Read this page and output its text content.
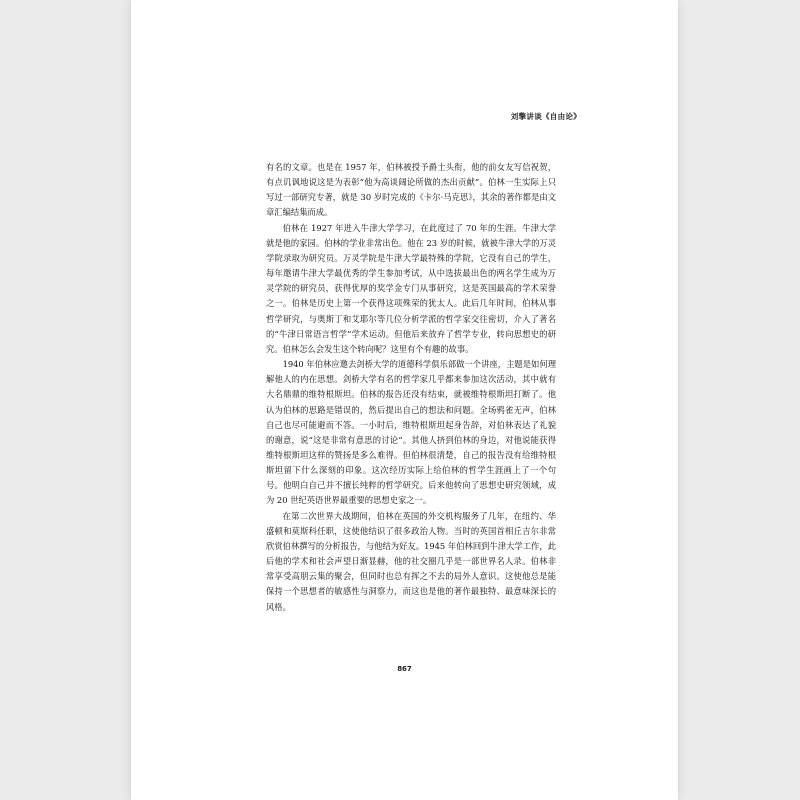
刘擎讲谈《自由论》

有名的文章。也是在 1957 年，伯林被授予爵士头衔，他的前女友写信祝贺，有点讥讽地说这是为表彰“他为高谈阔论所做的杰出贡献”。伯林一生实际上只写过一部研究专著，就是 30 岁时完成的《卡尔·马克思》，其余的著作都是由文章汇编结集而成。

伯林在 1927 年进入牛津大学学习，在此度过了 70 年的生涯。牛津大学就是他的家园。伯林的学业非常出色。他在 23 岁的时候，就被牛津大学的万灵学院录取为研究员。万灵学院是牛津大学最特殊的学院，它没有自己的学生，每年邀请牛津大学最优秀的学生参加考试，从中选拔最出色的两名学生成为万灵学院的研究员，获得优厚的奖学金专门从事研究，这是英国最高的学术荣誉之一。伯林是历史上第一个获得这项殊荣的犹太人。此后几年时间，伯林从事哲学研究，与奥斯丁和艾耶尔等几位分析学派的哲学家交往密切，介入了著名的“牛津日常语言哲学”学术运动。但他后来放弃了哲学专业，转向思想史的研究。伯林怎么会发生这个转向呢？这里有个有趣的故事。

1940 年伯林应邀去剑桥大学的道德科学俱乐部做一个讲座，主题是如何理解他人的内在思想。剑桥大学有名的哲学家几乎都来参加这次活动，其中就有大名鼎鼎的维特根斯坦。伯林的报告还没有结束，就被维特根斯坦打断了。他认为伯林的思路是错误的，然后提出自己的想法和问题。全场鸦雀无声，伯林自己也尽可能避而不答。一小时后，维特根斯坦起身告辞，对伯林表达了礼貌的谢意，说“这是非常有意思的讨论”。其他人挤到伯林的身边，对他说能获得维特根斯坦这样的赞扬是多么难得。但伯林很清楚，自己的报告没有给维特根斯坦留下什么深刻的印象。这次经历实际上给伯林的哲学生涯画上了一个句号。他明白自己并不擅长纯粹的哲学研究。后来他转向了思想史研究领域，成为 20 世纪英语世界最重要的思想史家之一。

在第二次世界大战期间，伯林在英国的外交机构服务了几年，在纽约、华盛顿和莫斯科任职，这使他结识了很多政治人物。当时的英国首相丘吉尔非常欣赏伯林撰写的分析报告，与他结为好友。1945 年伯林回到牛津大学工作，此后他的学术和社会声望日渐显赫，他的社交圈几乎是一部世界名人录。伯林非常享受高朋云集的聚会，但同时也总有挥之不去的局外人意识。这使他总是能保持一个思想者的敏感性与洞察力，而这也是他的著作最独特、最意味深长的风格。

867
